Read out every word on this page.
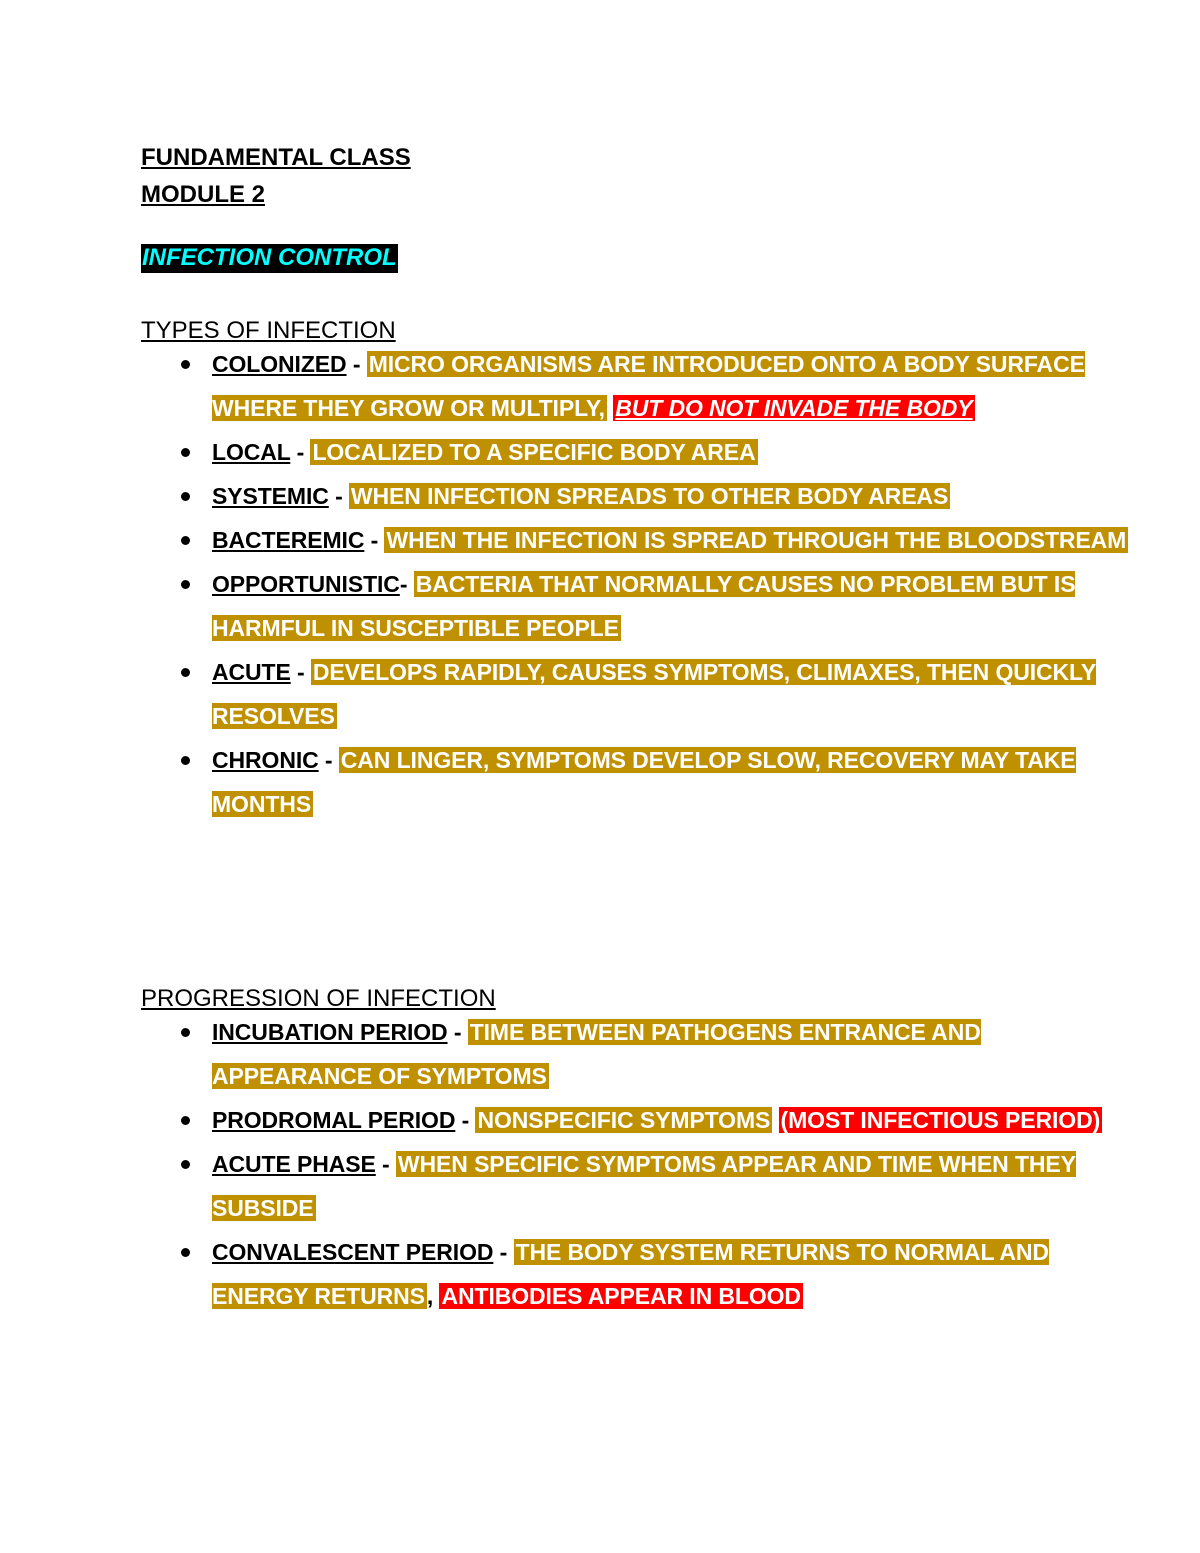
FUNDAMENTAL CLASS
MODULE 2
INFECTION CONTROL
TYPES OF INFECTION
COLONIZED - MICRO ORGANISMS ARE INTRODUCED ONTO A BODY SURFACE WHERE THEY GROW OR MULTIPLY, BUT DO NOT INVADE THE BODY
LOCAL - LOCALIZED TO A SPECIFIC BODY AREA
SYSTEMIC - WHEN INFECTION SPREADS TO OTHER BODY AREAS
BACTEREMIC - WHEN THE INFECTION IS SPREAD THROUGH THE BLOODSTREAM
OPPORTUNISTIC- BACTERIA THAT NORMALLY CAUSES NO PROBLEM BUT IS HARMFUL IN SUSCEPTIBLE PEOPLE
ACUTE - DEVELOPS RAPIDLY, CAUSES SYMPTOMS, CLIMAXES, THEN QUICKLY RESOLVES
CHRONIC - CAN LINGER, SYMPTOMS DEVELOP SLOW, RECOVERY MAY TAKE MONTHS
PROGRESSION OF INFECTION
INCUBATION PERIOD - TIME BETWEEN PATHOGENS ENTRANCE AND APPEARANCE OF SYMPTOMS
PRODROMAL PERIOD - NONSPECIFIC SYMPTOMS (MOST INFECTIOUS PERIOD)
ACUTE PHASE - WHEN SPECIFIC SYMPTOMS APPEAR AND TIME WHEN THEY SUBSIDE
CONVALESCENT PERIOD - THE BODY SYSTEM RETURNS TO NORMAL AND ENERGY RETURNS, ANTIBODIES APPEAR IN BLOOD
